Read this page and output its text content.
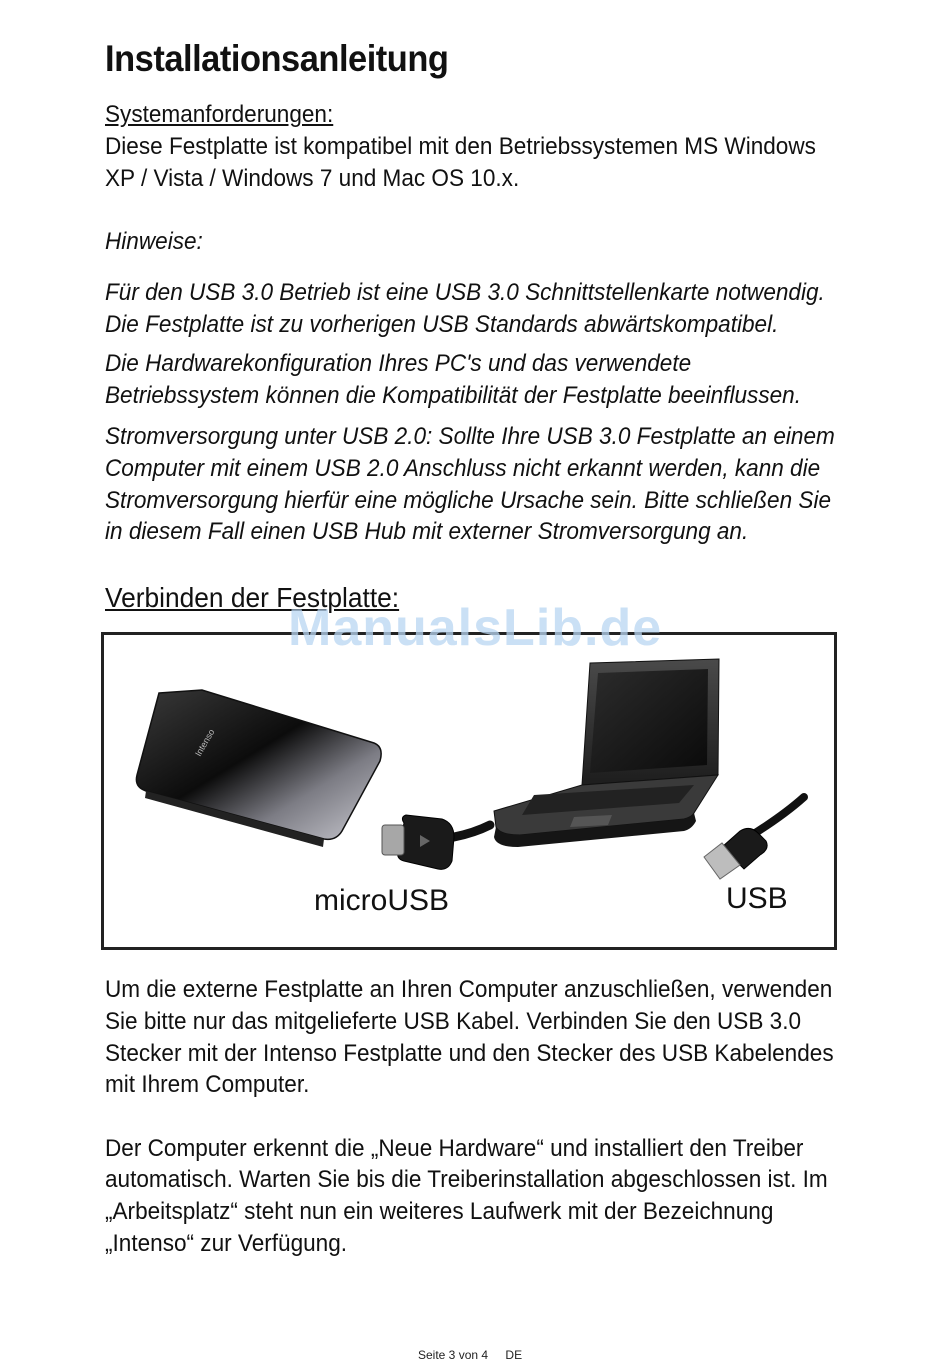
Installationsanleitung
Systemanforderungen:
Diese Festplatte ist kompatibel mit den Betriebssystemen MS Windows
XP / Vista / Windows 7 und Mac OS 10.x.
Hinweise:
Für den USB 3.0 Betrieb ist eine USB 3.0 Schnittstellenkarte notwendig.
Die Festplatte ist zu vorherigen USB Standards abwärtskompatibel.
Die Hardwarekonfiguration Ihres PC's und das verwendete
Betriebssystem können die Kompatibilität der Festplatte beeinflussen.
Stromversorgung unter USB 2.0: Sollte Ihre USB 3.0 Festplatte an einem
Computer mit einem USB 2.0 Anschluss nicht erkannt werden, kann die
Stromversorgung hierfür eine mögliche Ursache sein. Bitte schließen Sie
in diesem Fall einen USB Hub mit externer Stromversorgung an.
Verbinden der Festplatte:
Intenso
microUSB	USB
ManualsLib.de
Um die externe Festplatte an Ihren Computer anzuschließen, verwenden
Sie bitte nur das mitgelieferte USB Kabel. Verbinden Sie den USB 3.0
Stecker mit der Intenso Festplatte und den Stecker des USB Kabelendes
mit Ihrem Computer.
Der Computer erkennt die „Neue Hardware“ und installiert den Treiber
automatisch. Warten Sie bis die Treiberinstallation abgeschlossen ist. Im
„Arbeitsplatz“ steht nun ein weiteres Laufwerk mit der Bezeichnung
„Intenso“ zur Verfügung.
Seite 3 von 4 DE
